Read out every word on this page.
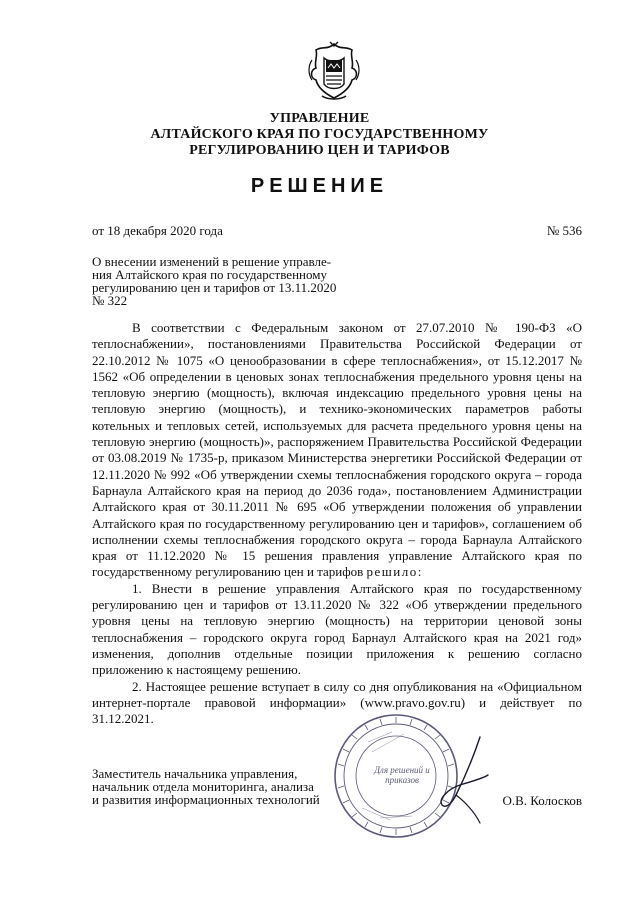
УПРАВЛЕНИЕ
АЛТАЙСКОГО КРАЯ ПО ГОСУДАРСТВЕННОМУ
РЕГУЛИРОВАНИЮ ЦЕН И ТАРИФОВ
РЕШЕНИЕ
от 18 декабря 2020 года	№ 536
О внесении изменений в решение управле-
ния Алтайского края по государственному
регулированию цен и тарифов от 13.11.2020
№ 322

В соответствии с Федеральным законом от 27.07.2010 № 190-ФЗ «О теплоснабжении», постановлениями Правительства Российской Федерации от 22.10.2012 № 1075 «О ценообразовании в сфере теплоснабжения», от 15.12.2017 № 1562 «Об определении в ценовых зонах теплоснабжения предельного уровня цены на тепловую энергию (мощность), включая индексацию предельного уровня цены на тепловую энергию (мощность), и технико-экономических параметров работы котельных и тепловых сетей, используемых для расчета предельного уровня цены на тепловую энергию (мощность)», распоряжением Правительства Российской Федерации от 03.08.2019 № 1735-р, приказом Министерства энергетики Российской Федерации от 12.11.2020 № 992 «Об утверждении схемы теплоснабжения городского округа – города Барнаула Алтайского края на период до 2036 года», постановлением Администрации Алтайского края от 30.11.2011 № 695 «Об утверждении положения об управлении Алтайского края по государственному регулированию цен и тарифов», соглашением об исполнении схемы теплоснабжения городского округа – города Барнаула Алтайского края от 11.12.2020 № 15 решения правления управление Алтайского края по государственному регулированию цен и тарифов решило:

1. Внести в решение управления Алтайского края по государственному регулированию цен и тарифов от 13.11.2020 № 322 «Об утверждении предельного уровня цены на тепловую энергию (мощность) на территории ценовой зоны теплоснабжения – городского округа город Барнаул Алтайского края на 2021 год» изменения, дополнив отдельные позиции приложения к решению согласно приложению к настоящему решению.

2. Настоящее решение вступает в силу со дня опубликования на «Официальном интернет-портале правовой информации» (www.pravo.gov.ru) и действует по 31.12.2021.

Для решений и приказов
Заместитель начальника управления,
начальник отдела мониторинга, анализа
и развития информационных технологий	О.В. Колосков
